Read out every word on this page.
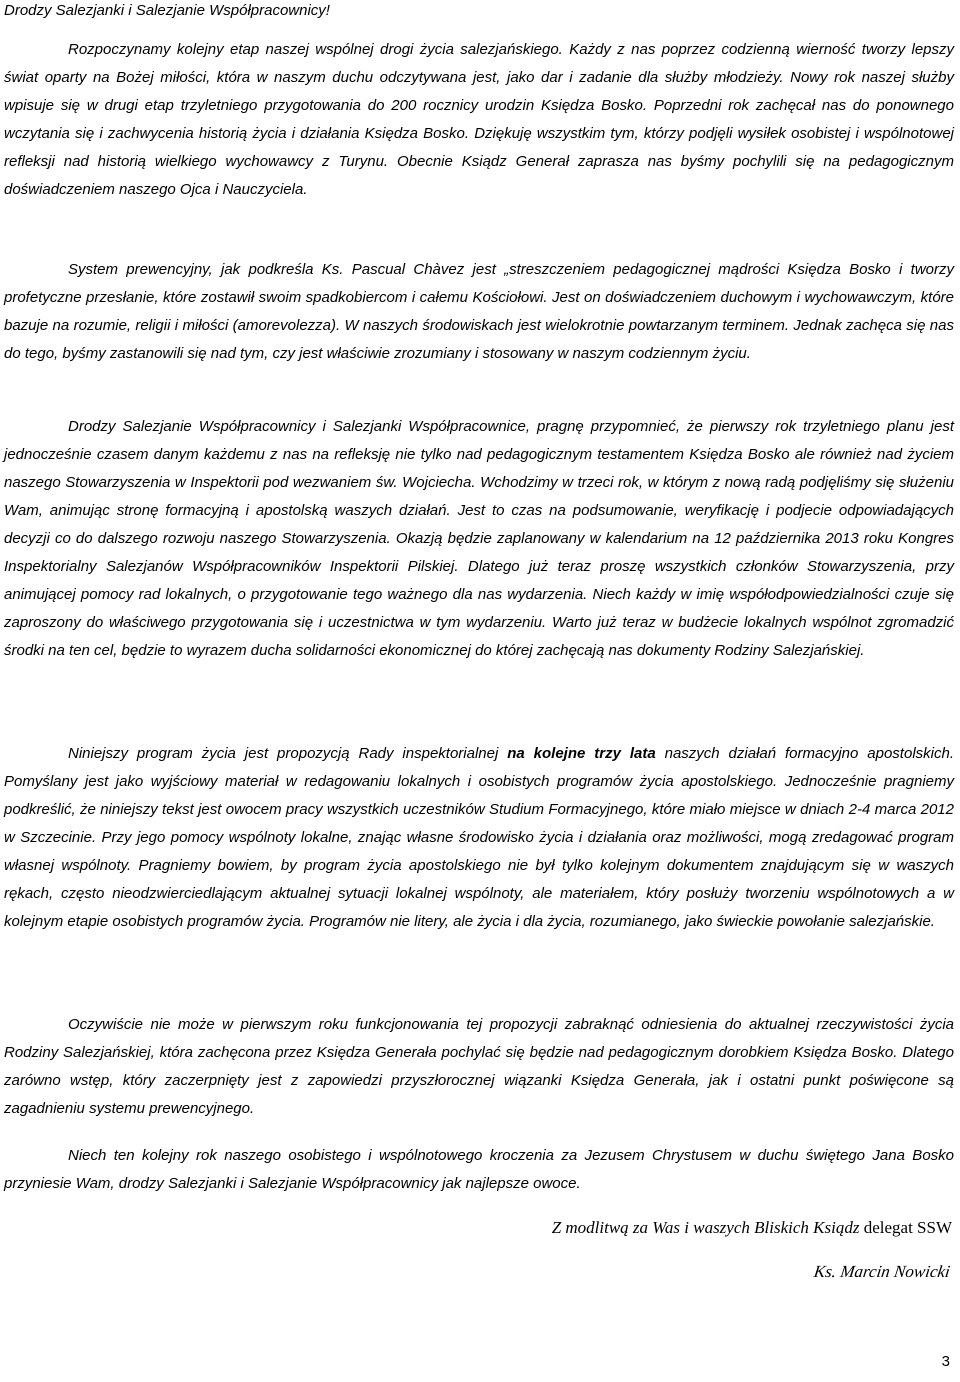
Drodzy Salezjanki i Salezjanie Współpracownicy!

Rozpoczynamy kolejny etap naszej wspólnej drogi życia salezjańskiego. Każdy z nas poprzez codzienną wierność tworzy lepszy świat oparty na Bożej miłości, która w naszym duchu odczytywana jest, jako dar i zadanie dla służby młodzieży. Nowy rok naszej służby wpisuje się w drugi etap trzyletniego przygotowania do 200 rocznicy urodzin Księdza Bosko. Poprzedni rok zachęcał nas do ponownego wczytania się i zachwycenia historią życia i działania Księdza Bosko. Dziękuję wszystkim tym, którzy podjęli wysiłek osobistej i wspólnotowej refleksji nad historią wielkiego wychowawcy z Turynu. Obecnie Ksiądz Generał zaprasza nas byśmy pochylili się na pedagogicznym doświadczeniem naszego Ojca i Nauczyciela.

System prewencyjny, jak podkreśla Ks. Pascual Chàvez jest „streszczeniem pedagogicznej mądrości Księdza Bosko i tworzy profetyczne przesłanie, które zostawił swoim spadkobiercom i całemu Kościołowi. Jest on doświadczeniem duchowym i wychowawczym, które bazuje na rozumie, religii i miłości (amorevolezza). W naszych środowiskach jest wielokrotnie powtarzanym terminem. Jednak zachęca się nas do tego, byśmy zastanowili się nad tym, czy jest właściwie zrozumiany i stosowany w naszym codziennym życiu.

Drodzy Salezjanie Współpracownicy i Salezjanki Współpracownice, pragnę przypomnieć, że pierwszy rok trzyletniego planu jest jednocześnie czasem danym każdemu z nas na refleksję nie tylko nad pedagogicznym testamentem Księdza Bosko ale również nad życiem naszego Stowarzyszenia w Inspektorii pod wezwaniem św. Wojciecha. Wchodzimy w trzeci rok, w którym z nową radą podjęliśmy się służeniu Wam, animując stronę formacyjną i apostolską waszych działań. Jest to czas na podsumowanie, weryfikację i podjecie odpowiadających decyzji co do dalszego rozwoju naszego Stowarzyszenia. Okazją będzie zaplanowany w kalendarium na 12 października 2013 roku Kongres Inspektorialny Salezjanów Współpracowników Inspektorii Pilskiej. Dlatego już teraz proszę wszystkich członków Stowarzyszenia, przy animującej pomocy rad lokalnych, o przygotowanie tego ważnego dla nas wydarzenia. Niech każdy w imię współodpowiedzialności czuje się zaproszony do właściwego przygotowania się i uczestnictwa w tym wydarzeniu. Warto już teraz w budżecie lokalnych wspólnot zgromadzić środki na ten cel, będzie to wyrazem ducha solidarności ekonomicznej do której zachęcają nas dokumenty Rodziny Salezjańskiej.

Niniejszy program życia jest propozycją Rady inspektorialnej na kolejne trzy lata naszych działań formacyjno apostolskich. Pomyślany jest jako wyjściowy materiał w redagowaniu lokalnych i osobistych programów życia apostolskiego. Jednocześnie pragniemy podkreślić, że niniejszy tekst jest owocem pracy wszystkich uczestników Studium Formacyjnego, które miało miejsce w dniach 2-4 marca 2012 w Szczecinie. Przy jego pomocy wspólnoty lokalne, znając własne środowisko życia i działania oraz możliwości, mogą zredagować program własnej wspólnoty. Pragniemy bowiem, by program życia apostolskiego nie był tylko kolejnym dokumentem znajdującym się w waszych rękach, często nieodzwierciedlającym aktualnej sytuacji lokalnej wspólnoty, ale materiałem, który posłuży tworzeniu wspólnotowych a w kolejnym etapie osobistych programów życia. Programów nie litery, ale życia i dla życia, rozumianego, jako świeckie powołanie salezjańskie.

Oczywiście nie może w pierwszym roku funkcjonowania tej propozycji zabraknąć odniesienia do aktualnej rzeczywistości życia Rodziny Salezjańskiej, która zachęcona przez Księdza Generała pochylać się będzie nad pedagogicznym dorobkiem Księdza Bosko. Dlatego zarówno wstęp, który zaczerpnięty jest z zapowiedzi przyszłorocznej wiązanki Księdza Generała, jak i ostatni punkt poświęcone są zagadnieniu systemu prewencyjnego.

Niech ten kolejny rok naszego osobistego i wspólnotowego kroczenia za Jezusem Chrystusem w duchu świętego Jana Bosko przyniesie Wam, drodzy Salezjanki i Salezjanie Współpracownicy jak najlepsze owoce.

Z modlitwą za Was i waszych Bliskich Ksiądz delegat SSW
Ks. Marcin Nowicki
3
